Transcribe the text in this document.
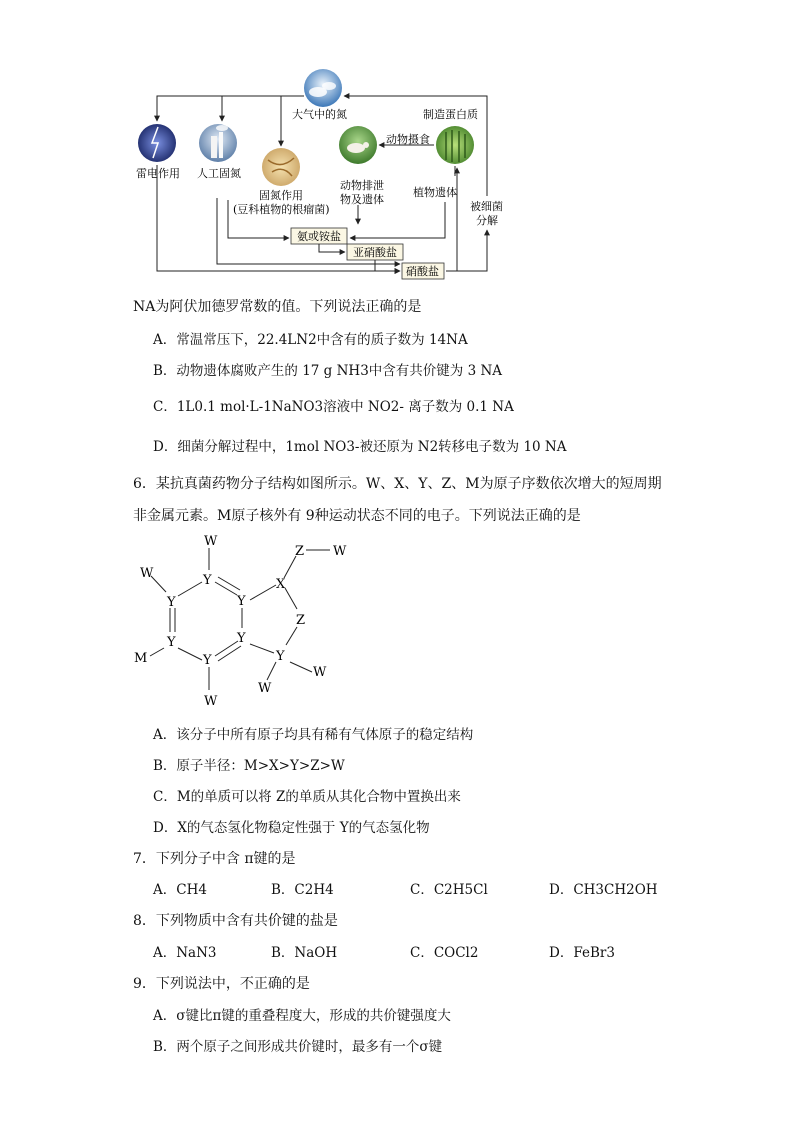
大气中的氮
雷电作用 人工固氮
固氮作用
(豆科植物的根瘤菌)
动物排泄
物及遗体
动物摄食
制造蛋白质
植物遗体
被细菌
分解
氨或铵盐
亚硝酸盐
硝酸盐
NA为阿伏加德罗常数的值。下列说法正确的是
A．常温常压下，22.4LN2中含有的质子数为 14NA
B．动物遗体腐败产生的 17 g NH3中含有共价键为 3 NA
C．1L0.1 mol·L-1NaNO3溶液中 NO2- 离子数为 0.1 NA
D．细菌分解过程中，1mol NO3-被还原为 N2转移电子数为 10 NA
6．某抗真菌药物分子结构如图所示。W、X、Y、Z、M为原子序数依次增大的短周期
非金属元素。M原子核外有 9种运动状态不同的电子。下列说法正确的是
W
W	Y
Y	Y
X
Z W
Z
Y	Y
M	Y	Y
W
W
W
A．该分子中所有原子均具有稀有气体原子的稳定结构
B．原子半径：M>X>Y>Z>W
C．M的单质可以将 Z的单质从其化合物中置换出来
D．X的气态氢化物稳定性强于 Y的气态氢化物
7．下列分子中含 π键的是
A．CH4	B．C2H4	C．C2H5Cl	D．CH3CH2OH
8．下列物质中含有共价键的盐是
A．NaN3	B．NaOH	C．COCl2	D．FeBr3
9．下列说法中，不正确的是
A．σ键比π键的重叠程度大，形成的共价键强度大
B．两个原子之间形成共价键时，最多有一个σ键
